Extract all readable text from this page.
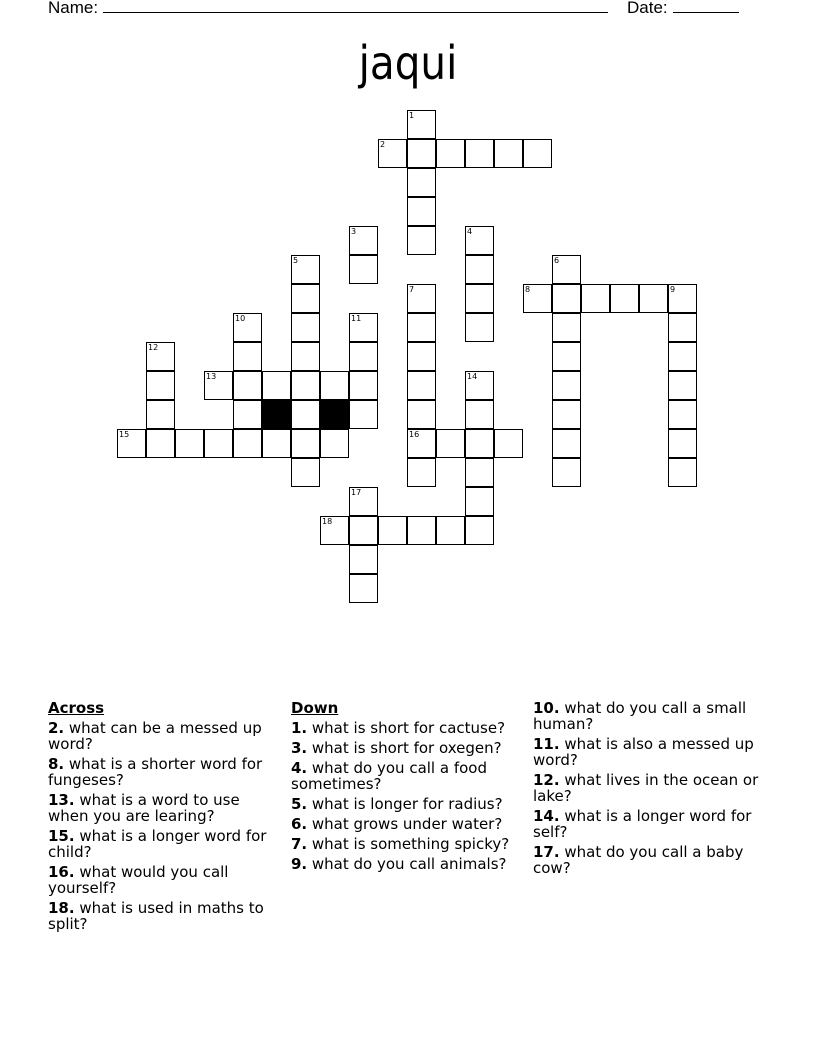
Name:	Date:
jaqui
1
2
3	4
5	6
7
16
8	9
10	11
12
13	14
15
17
18
Across
2. what can be a messed up word?
8. what is a shorter word for fungeses?
13. what is a word to use when you are learing?
15. what is a longer word for child?
16. what would you call yourself?
18. what is used in maths to split?
Down
1. what is short for cactuse?
3. what is short for oxegen?
4. what do you call a food sometimes?
5. what is longer for radius?
6. what grows under water?
7. what is something spicky?
9. what do you call animals?
10. what do you call a small human?
11. what is also a messed up word?
12. what lives in the ocean or lake?
14. what is a longer word for self?
17. what do you call a baby cow?
